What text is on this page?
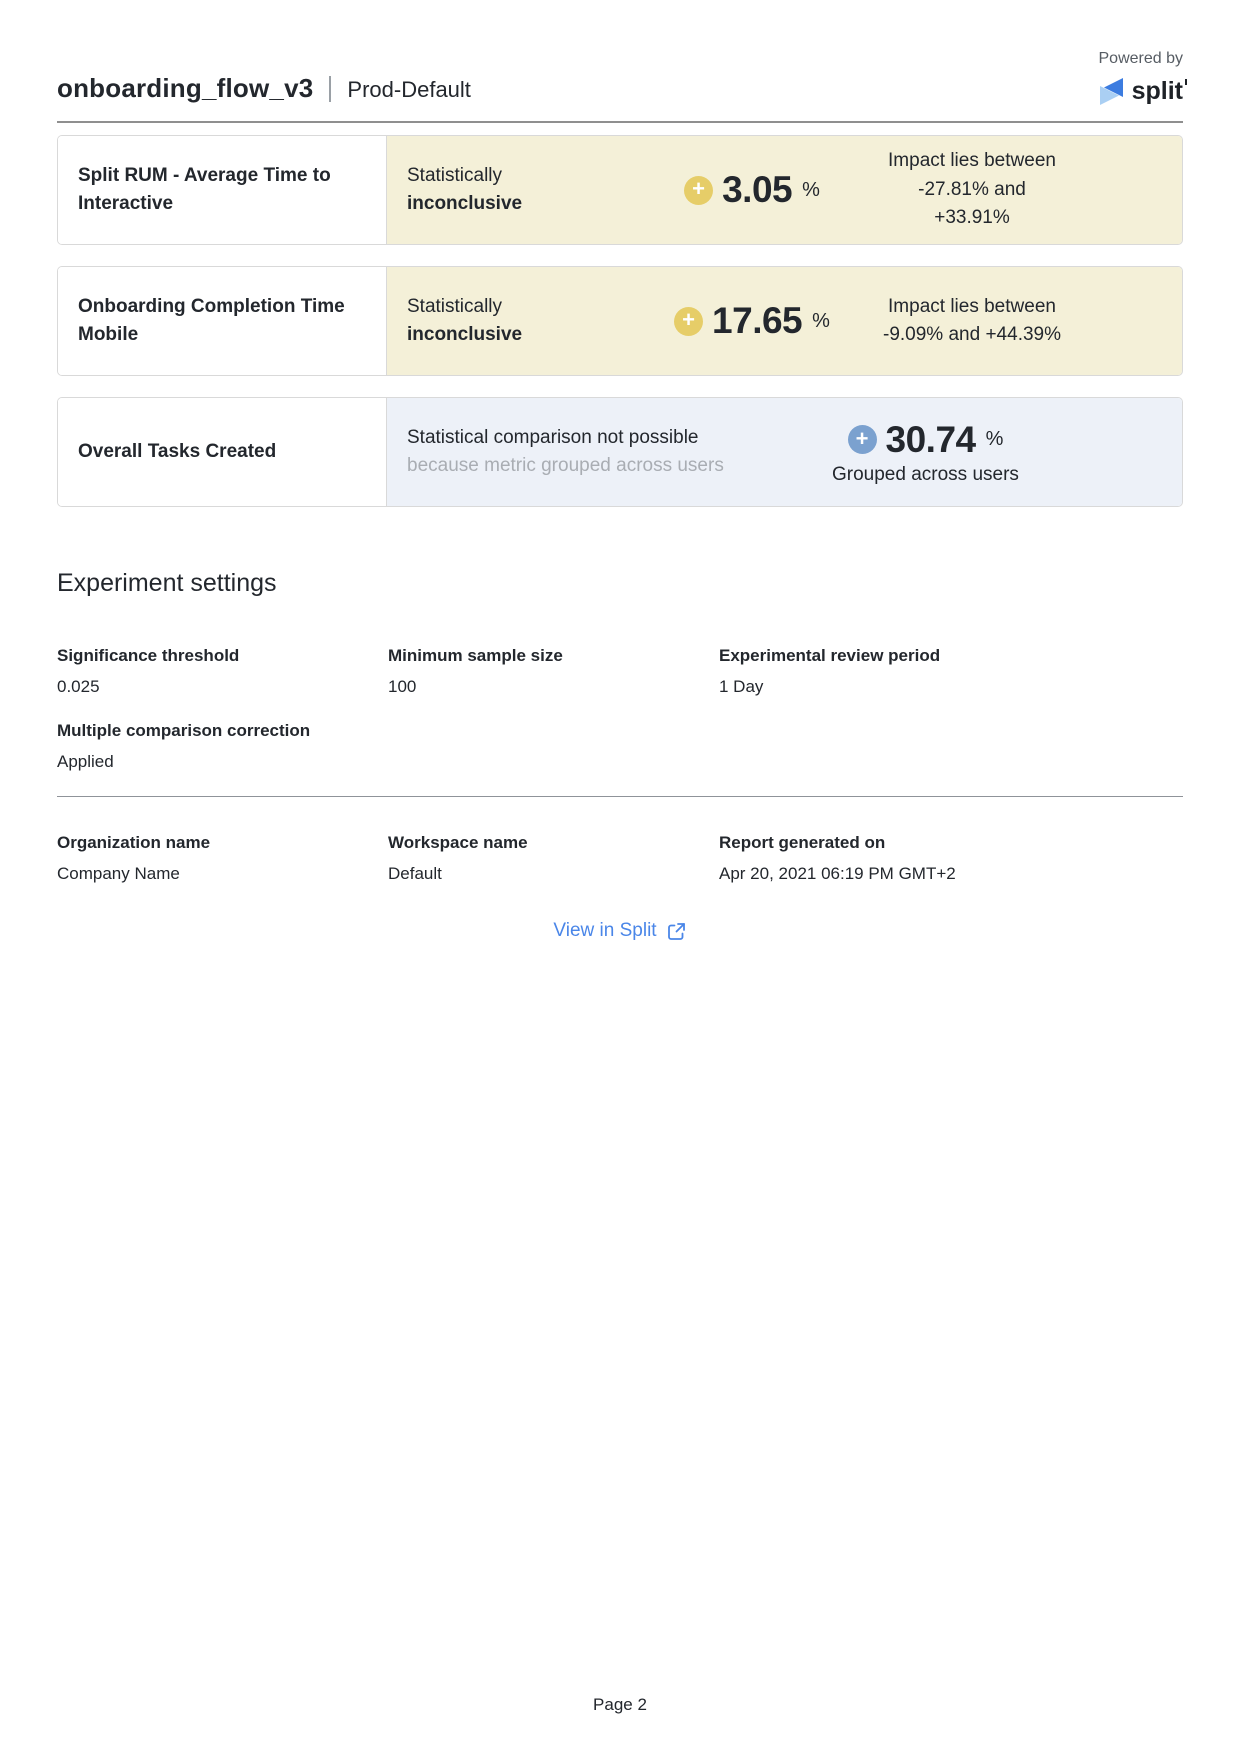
onboarding_flow_v3 Prod-Default
Powered by
split
Split RUM - Average Time to Interactive
Statistically
inconclusive
+ 3.05 %
Impact lies between
-27.81% and +33.91%
Onboarding Completion Time Mobile
Statistically
inconclusive
+ 17.65 %
Impact lies between
-9.09% and +44.39%
Overall Tasks Created
Statistical comparison not possible
because metric grouped across users
+ 30.74 %
Grouped across users
Experiment settings
Significance threshold
0.025
Minimum sample size
100
Experimental review period
1 Day
Multiple comparison correction
Applied
Organization name
Company Name
Workspace name
Default
Report generated on
Apr 20, 2021 06:19 PM GMT+2
View in Split
Page 2
